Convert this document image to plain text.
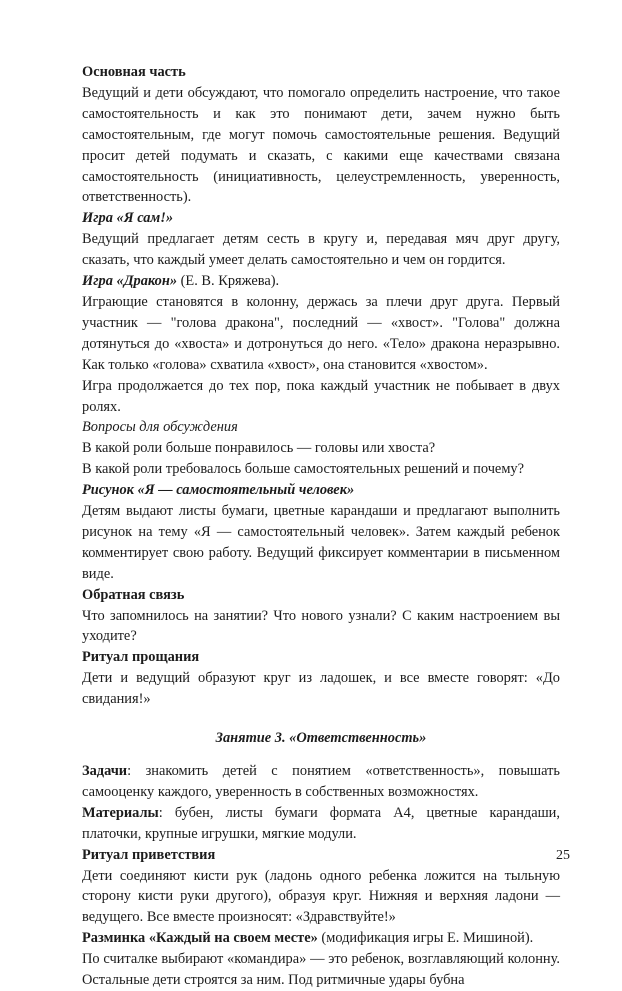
Основная часть

Ведущий и дети обсуждают, что помогало определить настроение, что такое самостоятельность и как это понимают дети, зачем нужно быть самостоятельным, где могут помочь самостоятельные решения. Ведущий просит детей подумать и сказать, с какими еще качествами связана самостоятельность (инициативность, целеустремленность, уверенность, ответственность).

Игра «Я сам!»

Ведущий предлагает детям сесть в кругу и, передавая мяч друг другу, сказать, что каждый умеет делать самостоятельно и чем он гордится.

Игра «Дракон» (Е. В. Кряжева).

Играющие становятся в колонну, держась за плечи друг друга. Первый участник — "голова дракона", последний — «хвост». "Голова" должна дотянуться до «хвоста» и дотронуться до него. «Тело» дракона неразрывно. Как только «голова» схватила «хвост», она становится «хвостом».

Игра продолжается до тех пор, пока каждый участник не побывает в двух ролях.

Вопросы для обсуждения

В какой роли больше понравилось — головы или хвоста?

В какой роли требовалось больше самостоятельных решений и почему?

Рисунок «Я — самостоятельный человек»

Детям выдают листы бумаги, цветные карандаши и предлагают выполнить рисунок на тему «Я — самостоятельный человек». Затем каждый ребенок комментирует свою работу. Ведущий фиксирует комментарии в письменном виде.

Обратная связь

Что запомнилось на занятии? Что нового узнали? С каким настроением вы уходите?

Ритуал прощания

Дети и ведущий образуют круг из ладошек, и все вместе говорят: «До свидания!»

Занятие 3. «Ответственность»

Задачи: знакомить детей с понятием «ответственность», повышать самооценку каждого, уверенность в собственных возможностях.

Материалы: бубен, листы бумаги формата А4, цветные карандаши, платочки, крупные игрушки, мягкие модули.

Ритуал приветствия

Дети соединяют кисти рук (ладонь одного ребенка ложится на тыльную сторону кисти руки другого), образуя круг. Нижняя и верхняя ладони — ведущего. Все вместе произносят: «Здравствуйте!»

Разминка «Каждый на своем месте» (модификация игры Е. Мишиной).

По считалке выбирают «командира» — это ребенок, возглавляющий колонну. Остальные дети строятся за ним. Под ритмичные удары бубна

25
